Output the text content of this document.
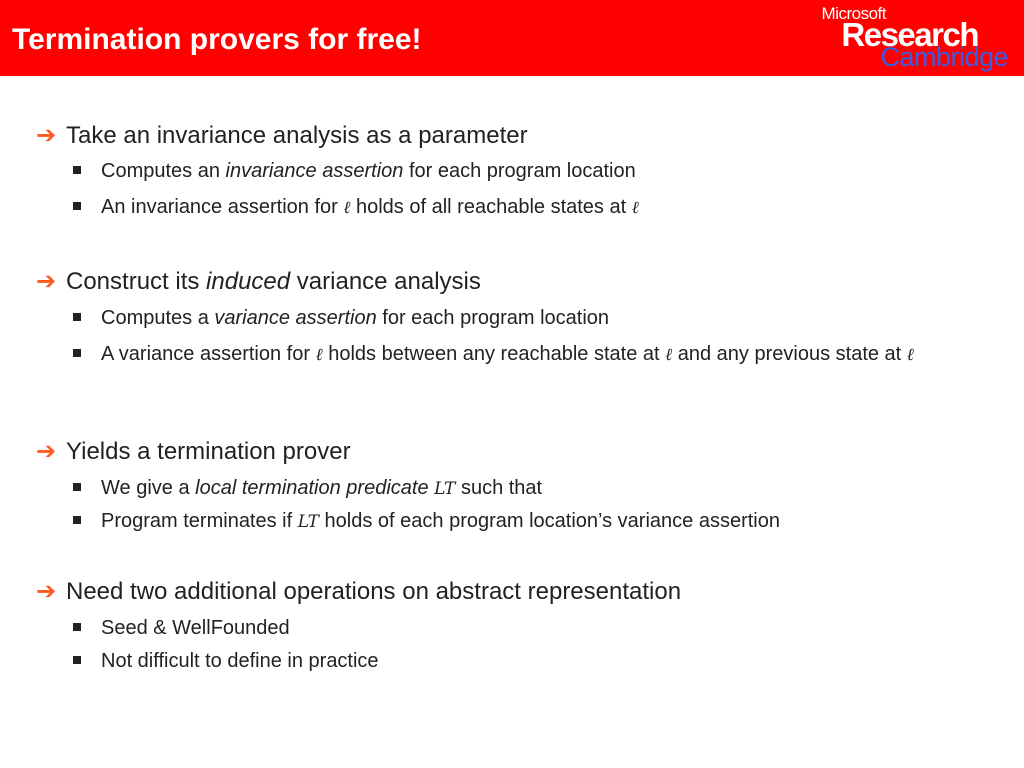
Termination provers for free!
Microsoft
Research
Cambridge
➔ Take an invariance analysis as a parameter
Computes an invariance assertion for each program location
An invariance assertion for ℓ holds of all reachable states at ℓ
➔ Construct its induced variance analysis
Computes a variance assertion for each program location
A variance assertion for ℓ holds between any reachable state at ℓ and any previous state at ℓ
➔ Yields a termination prover
We give a local termination predicate LT such that
Program terminates if LT holds of each program location’s variance assertion
➔ Need two additional operations on abstract representation
Seed & WellFounded
Not difficult to define in practice
